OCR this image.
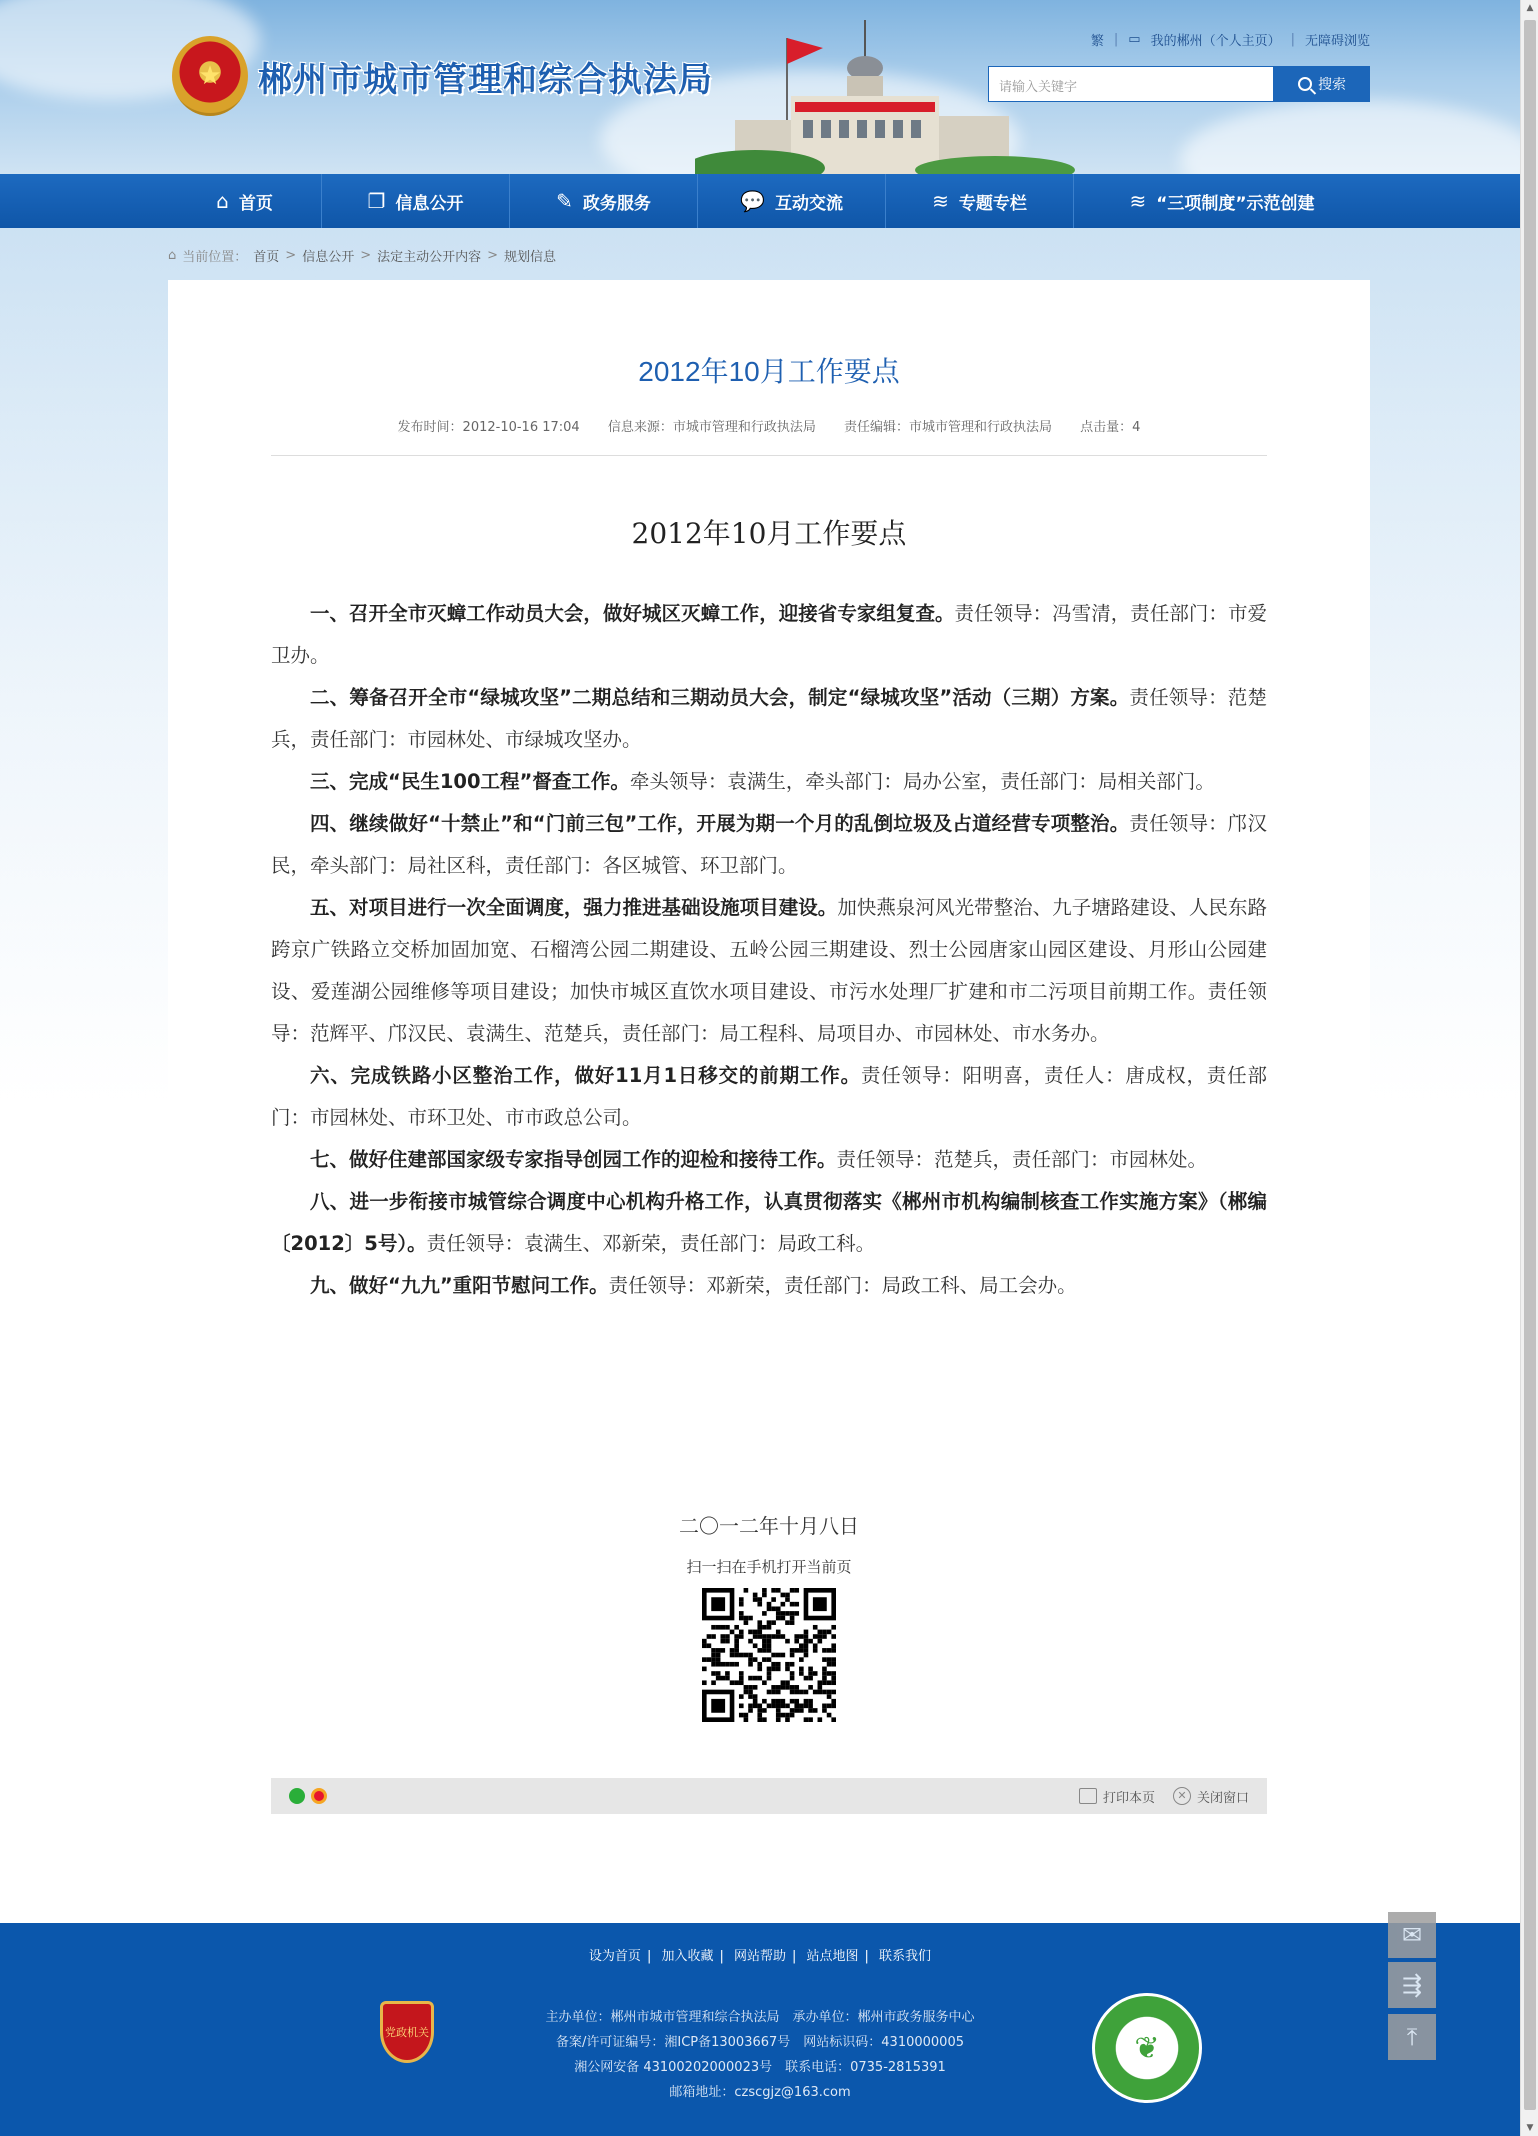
★ 郴州市城市管理和综合执法局
繁 | ▭ 我的郴州（个人主页） | 无障碍浏览
请输入关键字	搜索
⌂ 首页	❐ 信息公开	✎ 政务服务	💬 互动交流	≋ 专题专栏	≋ “三项制度”示范创建
⌂ 当前位置： 首页 > 信息公开 > 法定主动公开内容 > 规划信息
2012年10月工作要点
发布时间：2012-10-16 17:04 信息来源：市城市管理和行政执法局 责任编辑：市城市管理和行政执法局 点击量：4
2012年10月工作要点

一、召开全市灭蟑工作动员大会，做好城区灭蟑工作，迎接省专家组复查。责任领导：冯雪清，责任部门：市爱卫办。

二、筹备召开全市“绿城攻坚”二期总结和三期动员大会，制定“绿城攻坚”活动（三期）方案。责任领导：范楚兵，责任部门：市园林处、市绿城攻坚办。

三、完成“民生100工程”督查工作。牵头领导：袁满生，牵头部门：局办公室，责任部门：局相关部门。

四、继续做好“十禁止”和“门前三包”工作，开展为期一个月的乱倒垃圾及占道经营专项整治。责任领导：邝汉民，牵头部门：局社区科，责任部门：各区城管、环卫部门。

五、对项目进行一次全面调度，强力推进基础设施项目建设。加快燕泉河风光带整治、九子塘路建设、人民东路跨京广铁路立交桥加固加宽、石榴湾公园二期建设、五岭公园三期建设、烈士公园唐家山园区建设、月形山公园建设、爱莲湖公园维修等项目建设；加快市城区直饮水项目建设、市污水处理厂扩建和市二污项目前期工作。责任领导：范辉平、邝汉民、袁满生、范楚兵，责任部门：局工程科、局项目办、市园林处、市水务办。

六、完成铁路小区整治工作，做好11月1日移交的前期工作。责任领导：阳明喜，责任人：唐成权，责任部门：市园林处、市环卫处、市市政总公司。

七、做好住建部国家级专家指导创园工作的迎检和接待工作。责任领导：范楚兵，责任部门：市园林处。

八、进一步衔接市城管综合调度中心机构升格工作，认真贯彻落实《郴州市机构编制核查工作实施方案》（郴编〔2012〕5号）。责任领导：袁满生、邓新荣，责任部门：局政工科。

九、做好“九九”重阳节慰问工作。责任领导：邓新荣，责任部门：局政工科、局工会办。

二〇一二年十月八日
扫一扫在手机打开当前页
打印本页	✕ 关闭窗口
设为首页 | 加入收藏 | 网站帮助 | 站点地图 | 联系我们
党政机关
主办单位：郴州市城市管理和综合执法局　承办单位：郴州市政务服务中心
备案/许可证编号：湘ICP备13003667号　网站标识码：4310000005
湘公网安备 43100202000023号　联系电话：0735-2815391
邮箱地址：czscgjz@163.com
❦
✉
⇶
⤒
▲
▼
